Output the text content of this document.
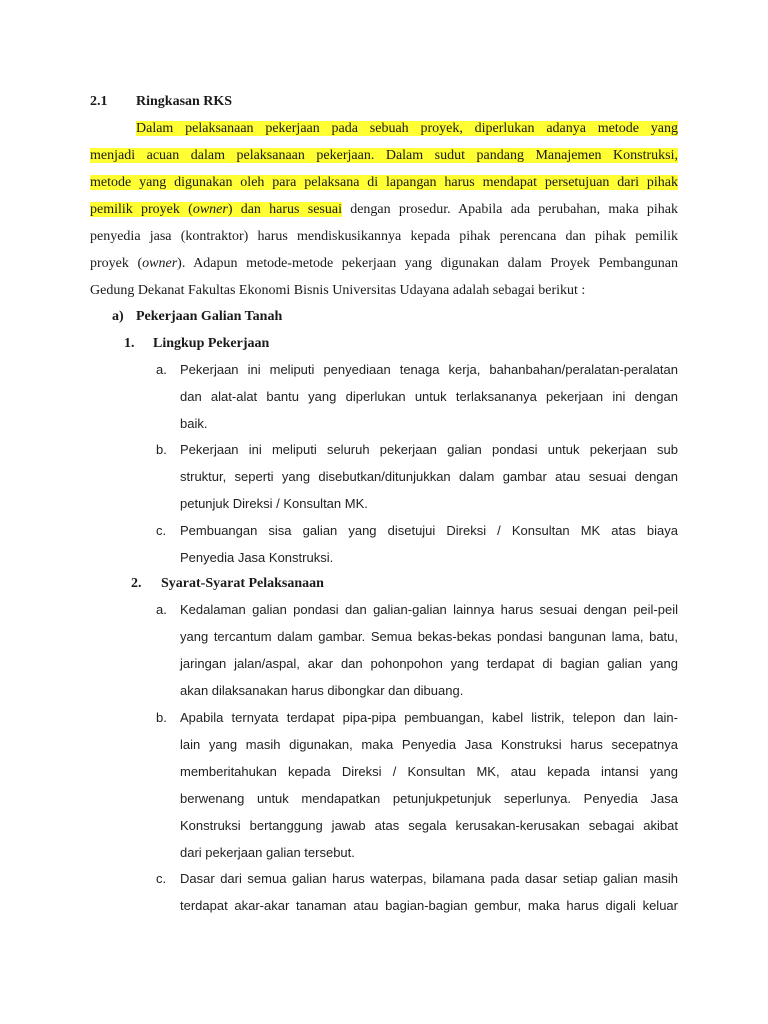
2.1 Ringkasan RKS
Dalam pelaksanaan pekerjaan pada sebuah proyek, diperlukan adanya metode yang
menjadi acuan dalam pelaksanaan pekerjaan. Dalam sudut pandang Manajemen Konstruksi,
metode yang digunakan oleh para pelaksana di lapangan harus mendapat persetujuan dari pihak
pemilik proyek (owner) dan harus sesuai dengan prosedur. Apabila ada perubahan, maka pihak
penyedia jasa (kontraktor) harus mendiskusikannya kepada pihak perencana dan pihak pemilik
proyek (owner). Adapun metode-metode pekerjaan yang digunakan dalam Proyek Pembangunan
Gedung Dekanat Fakultas Ekonomi Bisnis Universitas Udayana adalah sebagai berikut :
a) Pekerjaan Galian Tanah
1. Lingkup Pekerjaan
a. Pekerjaan ini meliputi penyediaan tenaga kerja, bahanbahan/peralatan-peralatan
dan alat-alat bantu yang diperlukan untuk terlaksananya pekerjaan ini dengan
baik.
b. Pekerjaan ini meliputi seluruh pekerjaan galian pondasi untuk pekerjaan sub
struktur, seperti yang disebutkan/ditunjukkan dalam gambar atau sesuai dengan
petunjuk Direksi / Konsultan MK.
c. Pembuangan sisa galian yang disetujui Direksi / Konsultan MK atas biaya
Penyedia Jasa Konstruksi.
2. Syarat-Syarat Pelaksanaan
a. Kedalaman galian pondasi dan galian-galian lainnya harus sesuai dengan peil-peil
yang tercantum dalam gambar. Semua bekas-bekas pondasi bangunan lama, batu,
jaringan jalan/aspal, akar dan pohonpohon yang terdapat di bagian galian yang
akan dilaksanakan harus dibongkar dan dibuang.
b. Apabila ternyata terdapat pipa-pipa pembuangan, kabel listrik, telepon dan lain-
lain yang masih digunakan, maka Penyedia Jasa Konstruksi harus secepatnya
memberitahukan kepada Direksi / Konsultan MK, atau kepada intansi yang
berwenang untuk mendapatkan petunjukpetunjuk seperlunya. Penyedia Jasa
Konstruksi bertanggung jawab atas segala kerusakan-kerusakan sebagai akibat
dari pekerjaan galian tersebut.
c. Dasar dari semua galian harus waterpas, bilamana pada dasar setiap galian masih
terdapat akar-akar tanaman atau bagian-bagian gembur, maka harus digali keluar
